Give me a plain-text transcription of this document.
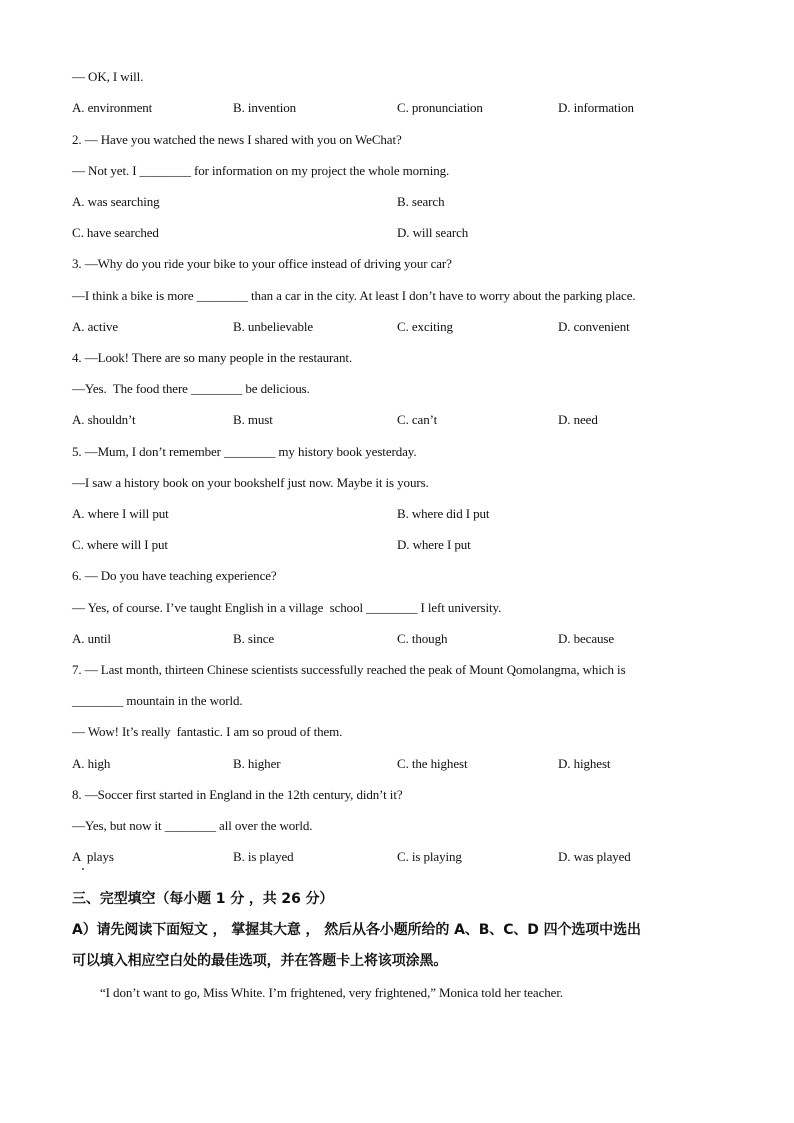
— OK, I will.
A. environment	B. invention	C. pronunciation	D. information
2. — Have you watched the news I shared with you on WeChat?
— Not yet. I ________ for information on my project the whole morning.
A. was searching	B. search
C. have searched	D. will search
3. —Why do you ride your bike to your office instead of driving your car?
—I think a bike is more ________ than a car in the city. At least I don’t have to worry about the parking place.
A. active	B. unbelievable	C. exciting	D. convenient
4. —Look! There are so many people in the restaurant.
—Yes.  The food there ________ be delicious.
A. shouldn’t	B. must	C. can’t	D. need
5. —Mum, I don’t remember ________ my history book yesterday.
—I saw a history book on your bookshelf just now. Maybe it is yours.
A. where I will put	B. where did I put
C. where will I put	D. where I put
6. — Do you have teaching experience?
— Yes, of course. I’ve taught English in a village  school ________ I left university.
A. until	B. since	C. though	D. because
7. — Last month, thirteen Chinese scientists successfully reached the peak of Mount Qomolangma, which is
________ mountain in the world.
— Wow! It’s really  fantastic. I am so proud of them.
A. high	B. higher	C. the highest	D. highest
8. —Soccer first started in England in the 12th century, didn’t it?
—Yes, but now it ________ all over the world.
A  plays	B. is played	C. is playing	D. was played
三、完型填空（每小题 1 分 ，共 26 分）
A）请先阅读下面短文 ， 掌握其大意 ， 然后从各小题所给的 A、B、C、D 四个选项中选出
可以填入相应空白处的最佳选项，并在答题卡上将该项涂黑。
“I don’t want to go, Miss White. I’m frightened, very frightened,” Monica told her teacher.
